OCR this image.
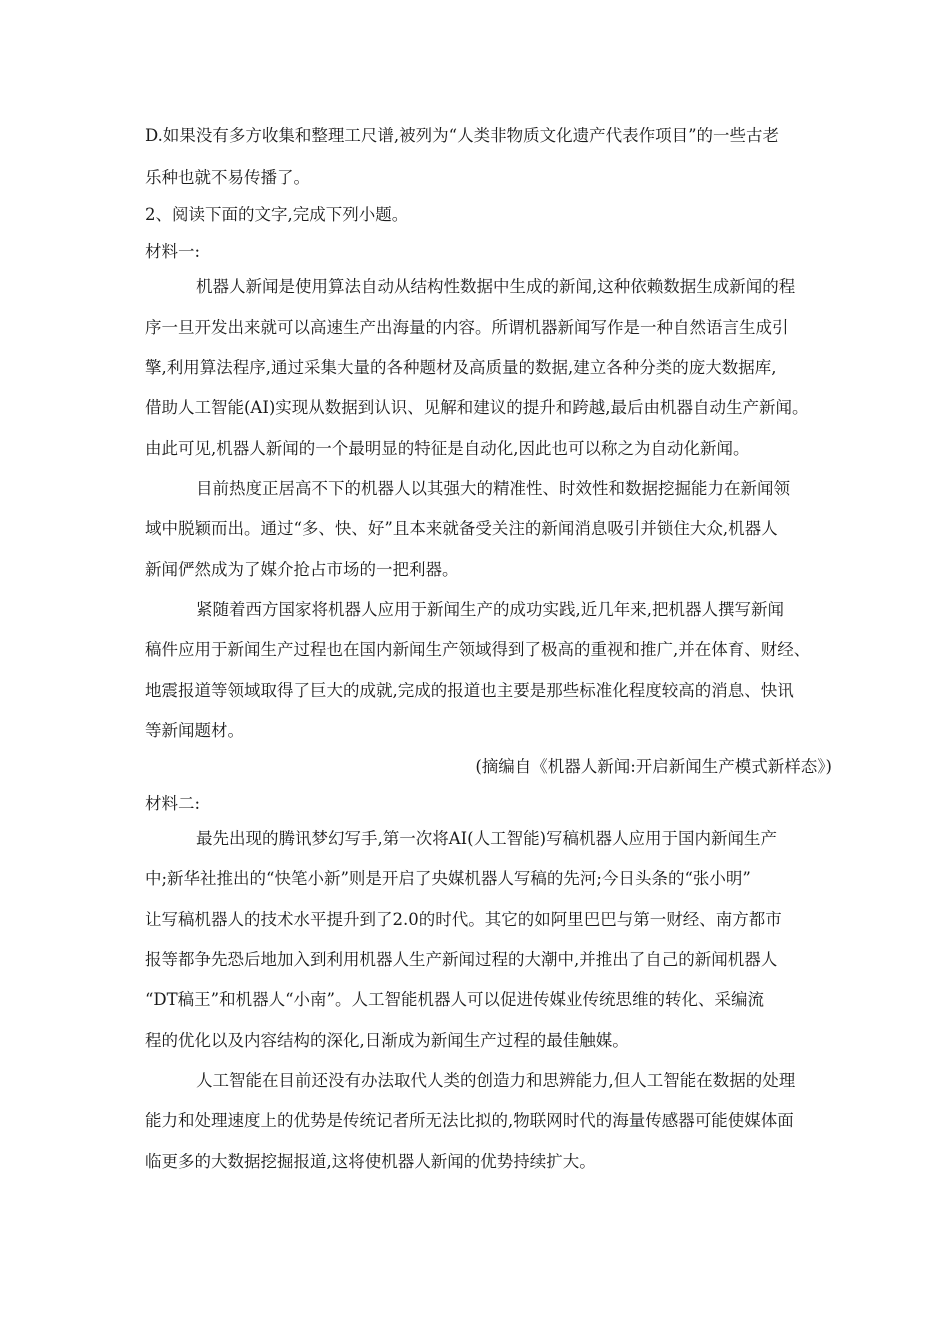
D.如果没有多方收集和整理工尺谱,被列为“人类非物质文化遗产代表作项目”的一些古老
乐种也就不易传播了。
2、阅读下面的文字,完成下列小题。
材料一:
机器人新闻是使用算法自动从结构性数据中生成的新闻,这种依赖数据生成新闻的程
序一旦开发出来就可以高速生产出海量的内容。所谓机器新闻写作是一种自然语言生成引
擎,利用算法程序,通过采集大量的各种题材及高质量的数据,建立各种分类的庞大数据库,
借助人工智能(AI)实现从数据到认识、见解和建议的提升和跨越,最后由机器自动生产新闻。
由此可见,机器人新闻的一个最明显的特征是自动化,因此也可以称之为自动化新闻。
目前热度正居高不下的机器人以其强大的精准性、时效性和数据挖掘能力在新闻领
域中脱颖而出。通过“多、快、好”且本来就备受关注的新闻消息吸引并锁住大众,机器人
新闻俨然成为了媒介抢占市场的一把利器。
紧随着西方国家将机器人应用于新闻生产的成功实践,近几年来,把机器人撰写新闻
稿件应用于新闻生产过程也在国内新闻生产领域得到了极高的重视和推广,并在体育、财经、
地震报道等领域取得了巨大的成就,完成的报道也主要是那些标准化程度较高的消息、快讯
等新闻题材。
(摘编自《机器人新闻:开启新闻生产模式新样态》)
材料二:
最先出现的腾讯梦幻写手,第一次将AI(人工智能)写稿机器人应用于国内新闻生产
中;新华社推出的“快笔小新”则是开启了央媒机器人写稿的先河;今日头条的“张小明”
让写稿机器人的技术水平提升到了2.0的时代。其它的如阿里巴巴与第一财经、南方都市
报等都争先恐后地加入到利用机器人生产新闻过程的大潮中,并推出了自己的新闻机器人
“DT稿王”和机器人“小南”。人工智能机器人可以促进传媒业传统思维的转化、采编流
程的优化以及内容结构的深化,日渐成为新闻生产过程的最佳触媒。
人工智能在目前还没有办法取代人类的创造力和思辨能力,但人工智能在数据的处理
能力和处理速度上的优势是传统记者所无法比拟的,物联网时代的海量传感器可能使媒体面
临更多的大数据挖掘报道,这将使机器人新闻的优势持续扩大。
